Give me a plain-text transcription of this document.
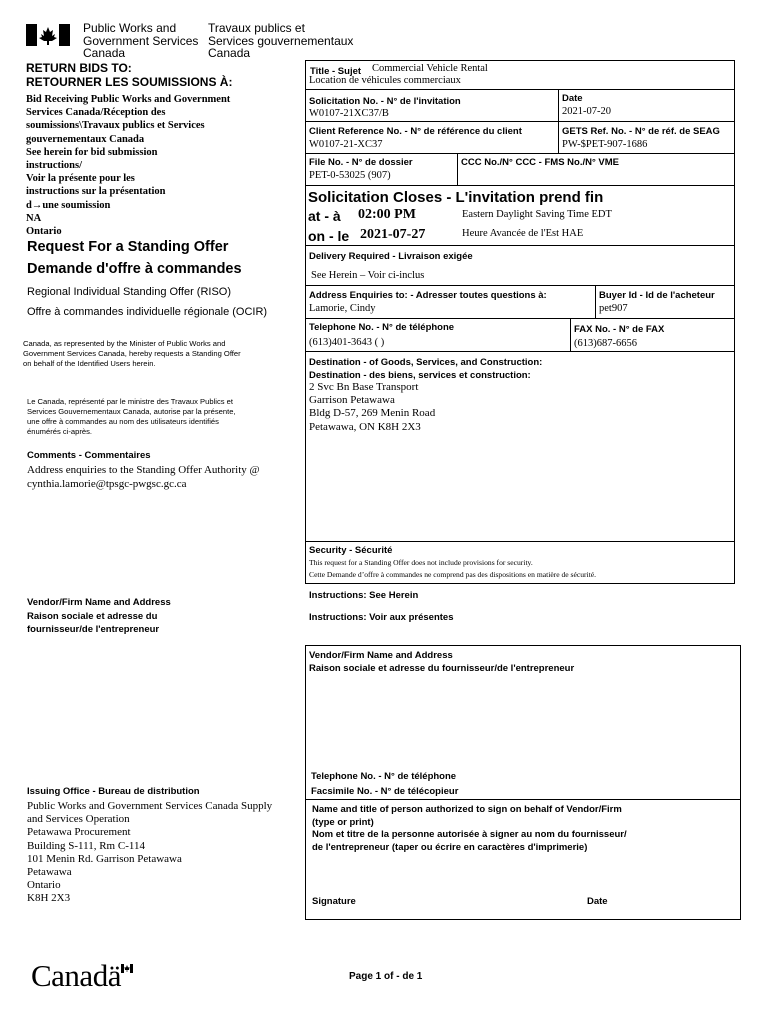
Public Works and
Government Services
Canada
Travaux publics et
Services gouvernementaux
Canada
RETURN BIDS TO:
RETOURNER LES SOUMISSIONS À:
Bid Receiving Public Works and Government
Services Canada/Réception des
soumissions\Travaux publics et Services
gouvernementaux Canada
See herein for bid submission
instructions/
Voir la présente pour les
instructions sur la présentation
d→une soumission
NA
Ontario
Request For a Standing Offer
Demande d'offre à commandes
Regional Individual Standing Offer (RISO)
Offre à commandes individuelle régionale (OCIR)
Canada, as represented by the Minister of Public Works and
Government Services Canada, hereby requests a Standing Offer
on behalf of the Identified Users herein.
Le Canada, représenté par le ministre des Travaux Publics et
Services Gouvernementaux Canada, autorise par la présente,
une offre à commandes au nom des utilisateurs identifiés
énumérés ci-après.
Comments - Commentaires
Address enquiries to the Standing Offer Authority @
cynthia.lamorie@tpsgc-pwgsc.gc.ca
Vendor/Firm Name and Address
Raison sociale et adresse du
fournisseur/de l'entrepreneur
Issuing Office - Bureau de distribution
Public Works and Government Services Canada Supply
and Services Operation
Petawawa Procurement
Building S-111, Rm C-114
101 Menin Rd. Garrison Petawawa
Petawawa
Ontario
K8H 2X3
Title - Sujet Commercial Vehicle Rental
Location de véhicules commerciaux
Solicitation No. - N° de l'invitation
W0107-21XC37/B
Date
2021-07-20
Client Reference No. - N° de référence du client
W0107-21-XC37
GETS Ref. No. - N° de réf. de SEAG
PW-$PET-907-1686
File No. - N° de dossier
PET-0-53025 (907)
CCC No./N° CCC - FMS No./N° VME
Solicitation Closes - L'invitation prend fin
at - à 02:00 PM
on - le 2021-07-27
Eastern Daylight Saving Time EDT
Heure Avancée de l'Est HAE
Delivery Required - Livraison exigée
See Herein – Voir ci-inclus
Address Enquiries to: - Adresser toutes questions à:
Lamorie, Cindy
Buyer Id - Id de l'acheteur
pet907
Telephone No. - N° de téléphone
(613)401-3643 ( )
FAX No. - N° de FAX
(613)687-6656
Destination - of Goods, Services, and Construction:
Destination - des biens, services et construction:
2 Svc Bn Base Transport
Garrison Petawawa
Bldg D-57, 269 Menin Road
Petawawa, ON K8H 2X3
Security - Sécurité
This request for a Standing Offer does not include provisions for security.
Cette Demande d’offre à commandes ne comprend pas des dispositions en matière de sécurité.
Instructions: See Herein
Instructions: Voir aux présentes
Vendor/Firm Name and Address
Raison sociale et adresse du fournisseur/de l'entrepreneur
Telephone No. - N° de téléphone
Facsimile No. - N° de télécopieur
Name and title of person authorized to sign on behalf of Vendor/Firm
(type or print)
Nom et titre de la personne autorisée à signer au nom du fournisseur/
de l'entrepreneur (taper ou écrire en caractères d'imprimerie)
Signature	Date
Canadä	Page 1 of - de 1
